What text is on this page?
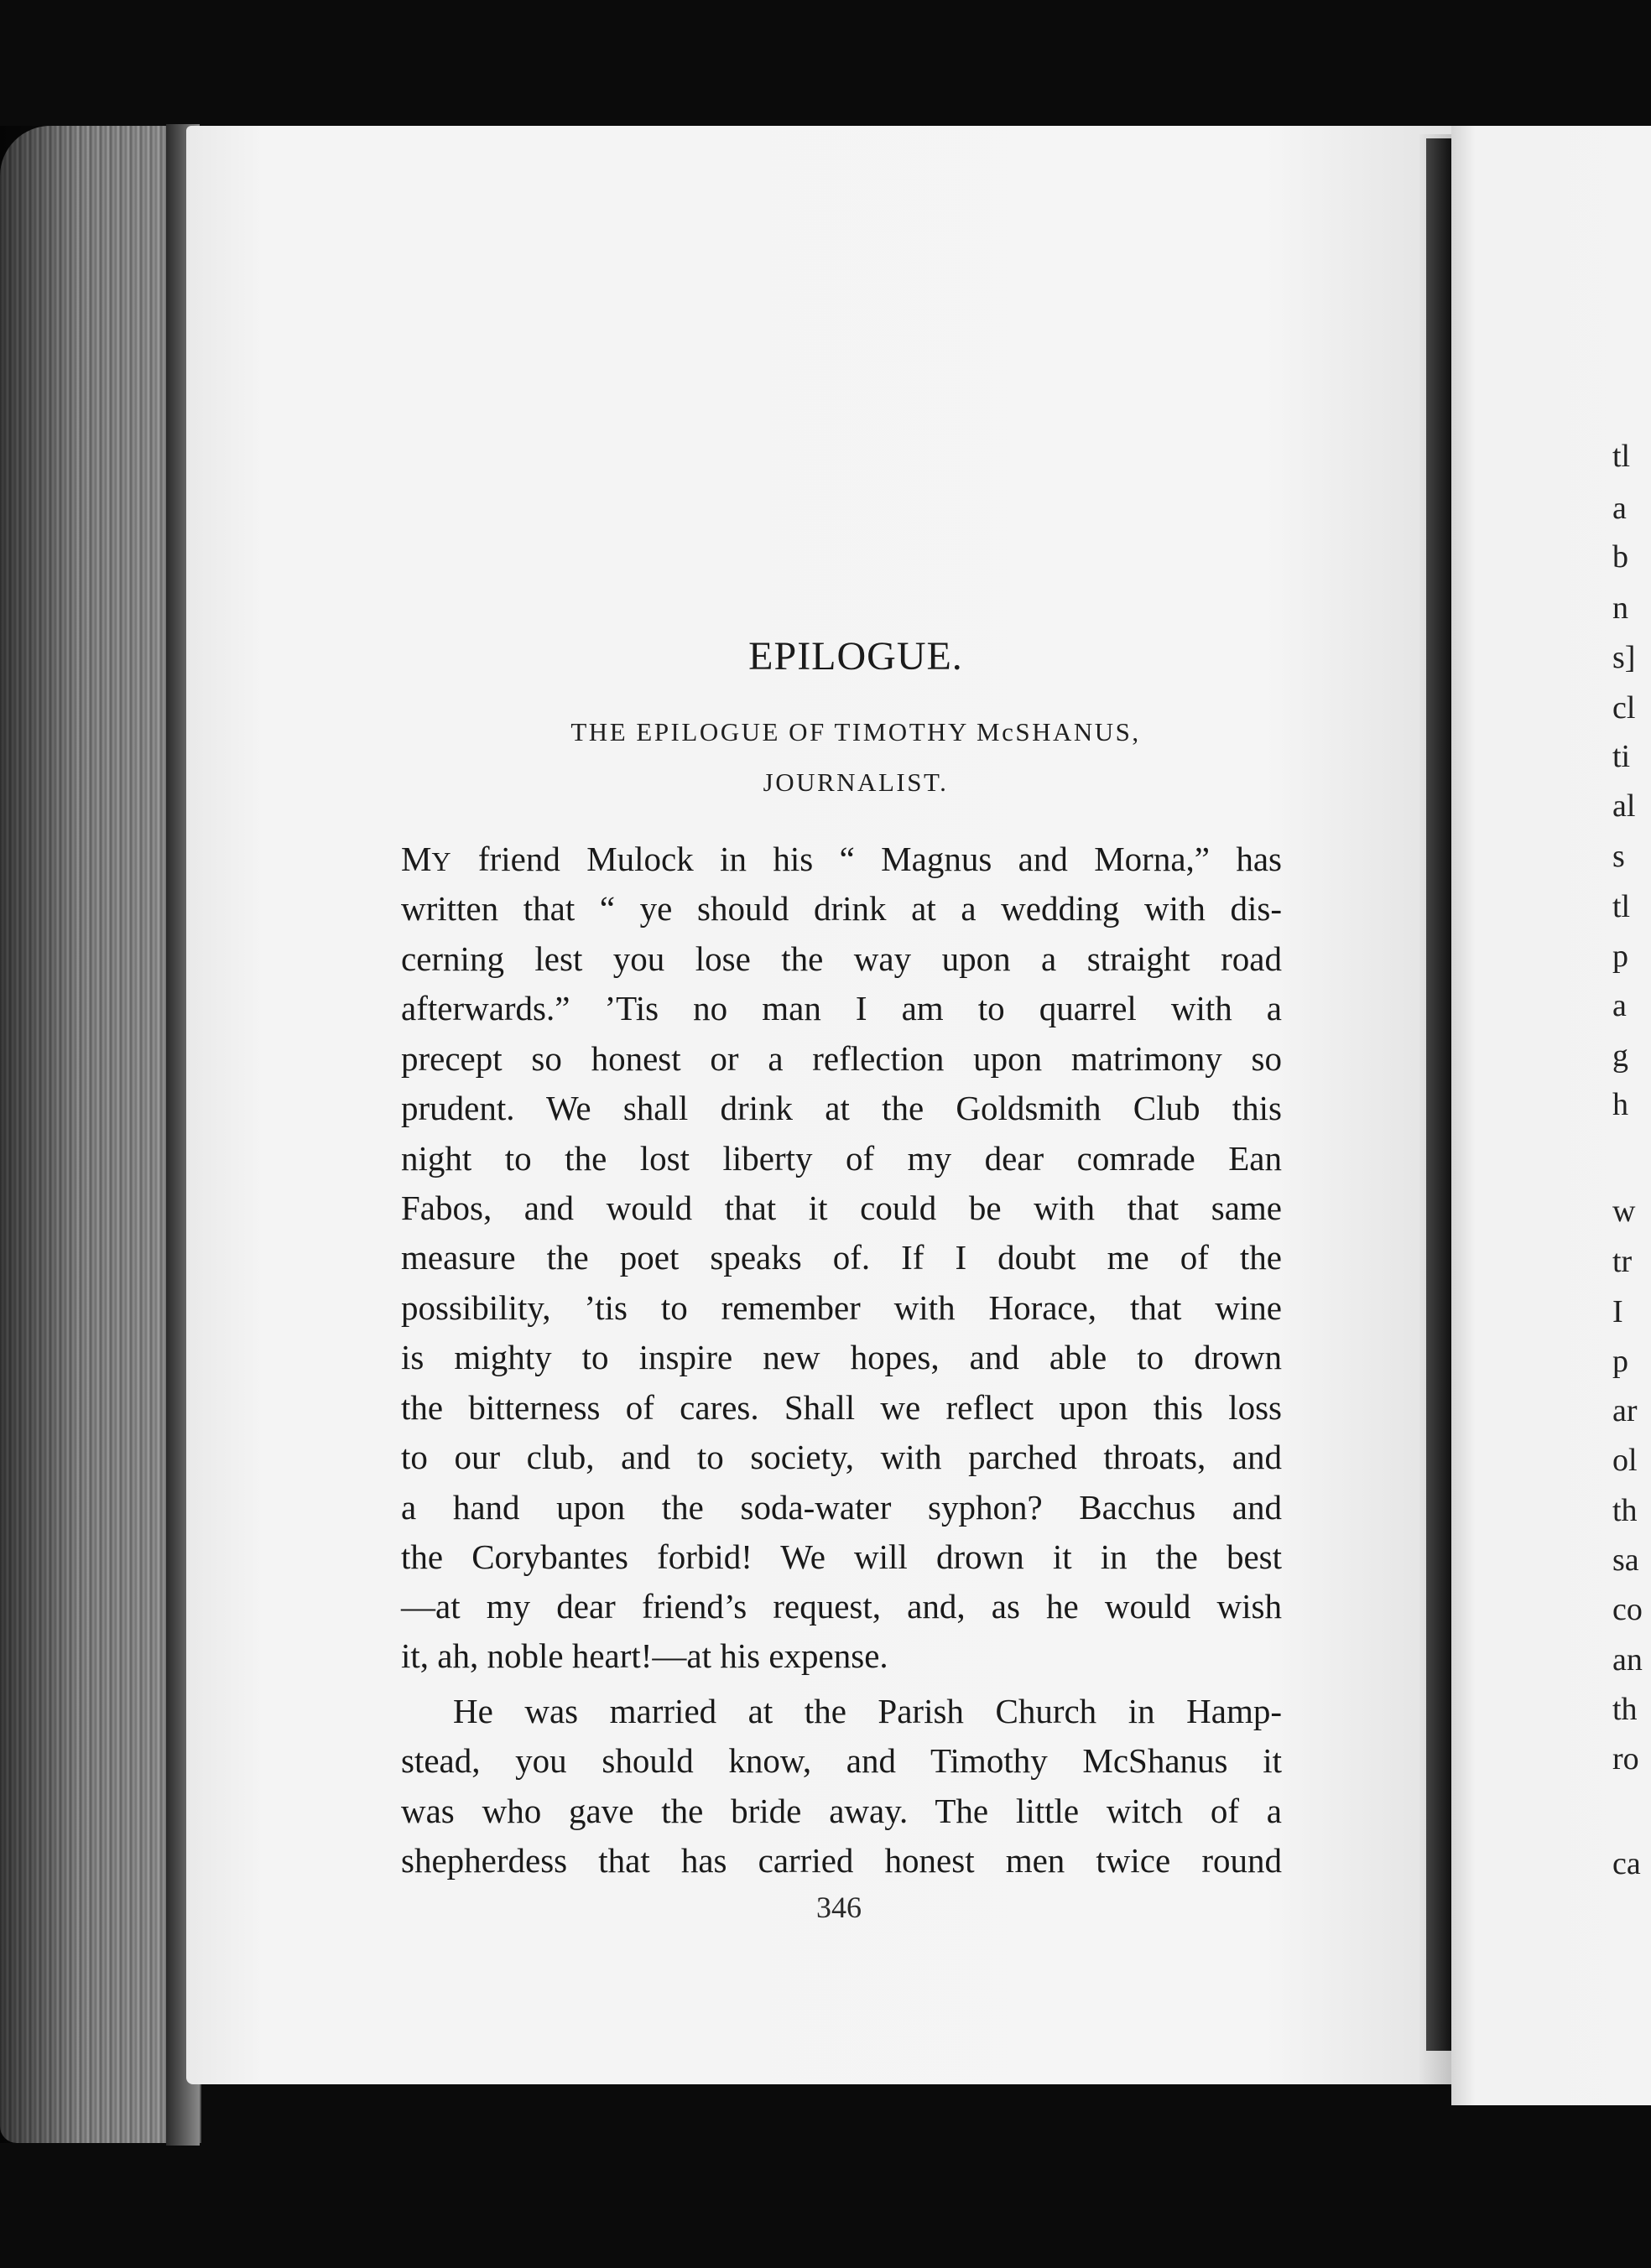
tl
a
b
n
s]
cl
ti
al
s
tl
p
a
g
h
w
tr
I
p
ar
ol
th
sa
co
an
th
ro
ca
EPILOGUE.
THE EPILOGUE OF TIMOTHY McSHANUS,
JOURNALIST.
MY friend Mulock in his “ Magnus and Morna,” has
written that “ ye should drink at a wedding with dis-
cerning lest you lose the way upon a straight road
afterwards.” ’Tis no man I am to quarrel with a
precept so honest or a reflection upon matrimony so
prudent. We shall drink at the Goldsmith Club this
night to the lost liberty of my dear comrade Ean
Fabos, and would that it could be with that same
measure the poet speaks of. If I doubt me of the
possibility, ’tis to remember with Horace, that wine
is mighty to inspire new hopes, and able to drown
the bitterness of cares. Shall we reflect upon this loss
to our club, and to society, with parched throats, and
a hand upon the soda-water syphon? Bacchus and
the Corybantes forbid! We will drown it in the best
—at my dear friend’s request, and, as he would wish
it, ah, noble heart!—at his expense.
He was married at the Parish Church in Hamp-
stead, you should know, and Timothy McShanus it
was who gave the bride away. The little witch of a
shepherdess that has carried honest men twice round
346
